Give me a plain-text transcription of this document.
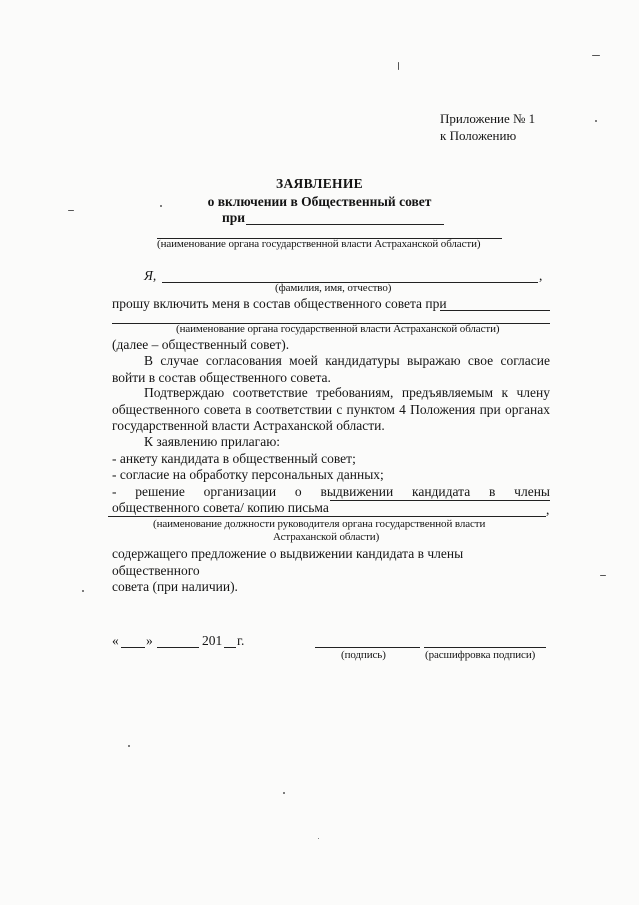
Приложение № 1
к Положению
ЗАЯВЛЕНИЕ
о включении в Общественный совет
при
(наименование органа государственной власти Астраханской области)
Я,	,
(фамилия, имя, отчество)
прошу включить меня в состав общественного совета при
(наименование органа государственной власти Астраханской области)
(далее – общественный совет).
В случае согласования моей кандидатуры выражаю свое согласие
войти в состав общественного совета.
Подтверждаю соответствие требованиям, предъявляемым к члену
общественного совета в соответствии с пунктом 4 Положения при органах
государственной власти Астраханской области.
К заявлению прилагаю:
- анкету кандидата в общественный совет;
- согласие на обработку персональных данных;
- решение организации о выдвижении кандидата в члены
общественного совета/ копию письма	,
(наименование должности руководителя органа государственной власти
Астраханской области)
содержащего предложение о выдвижении кандидата в члены общественного
совета (при наличии).
« »	201 г.
(подпись)	(расшифровка подписи)
